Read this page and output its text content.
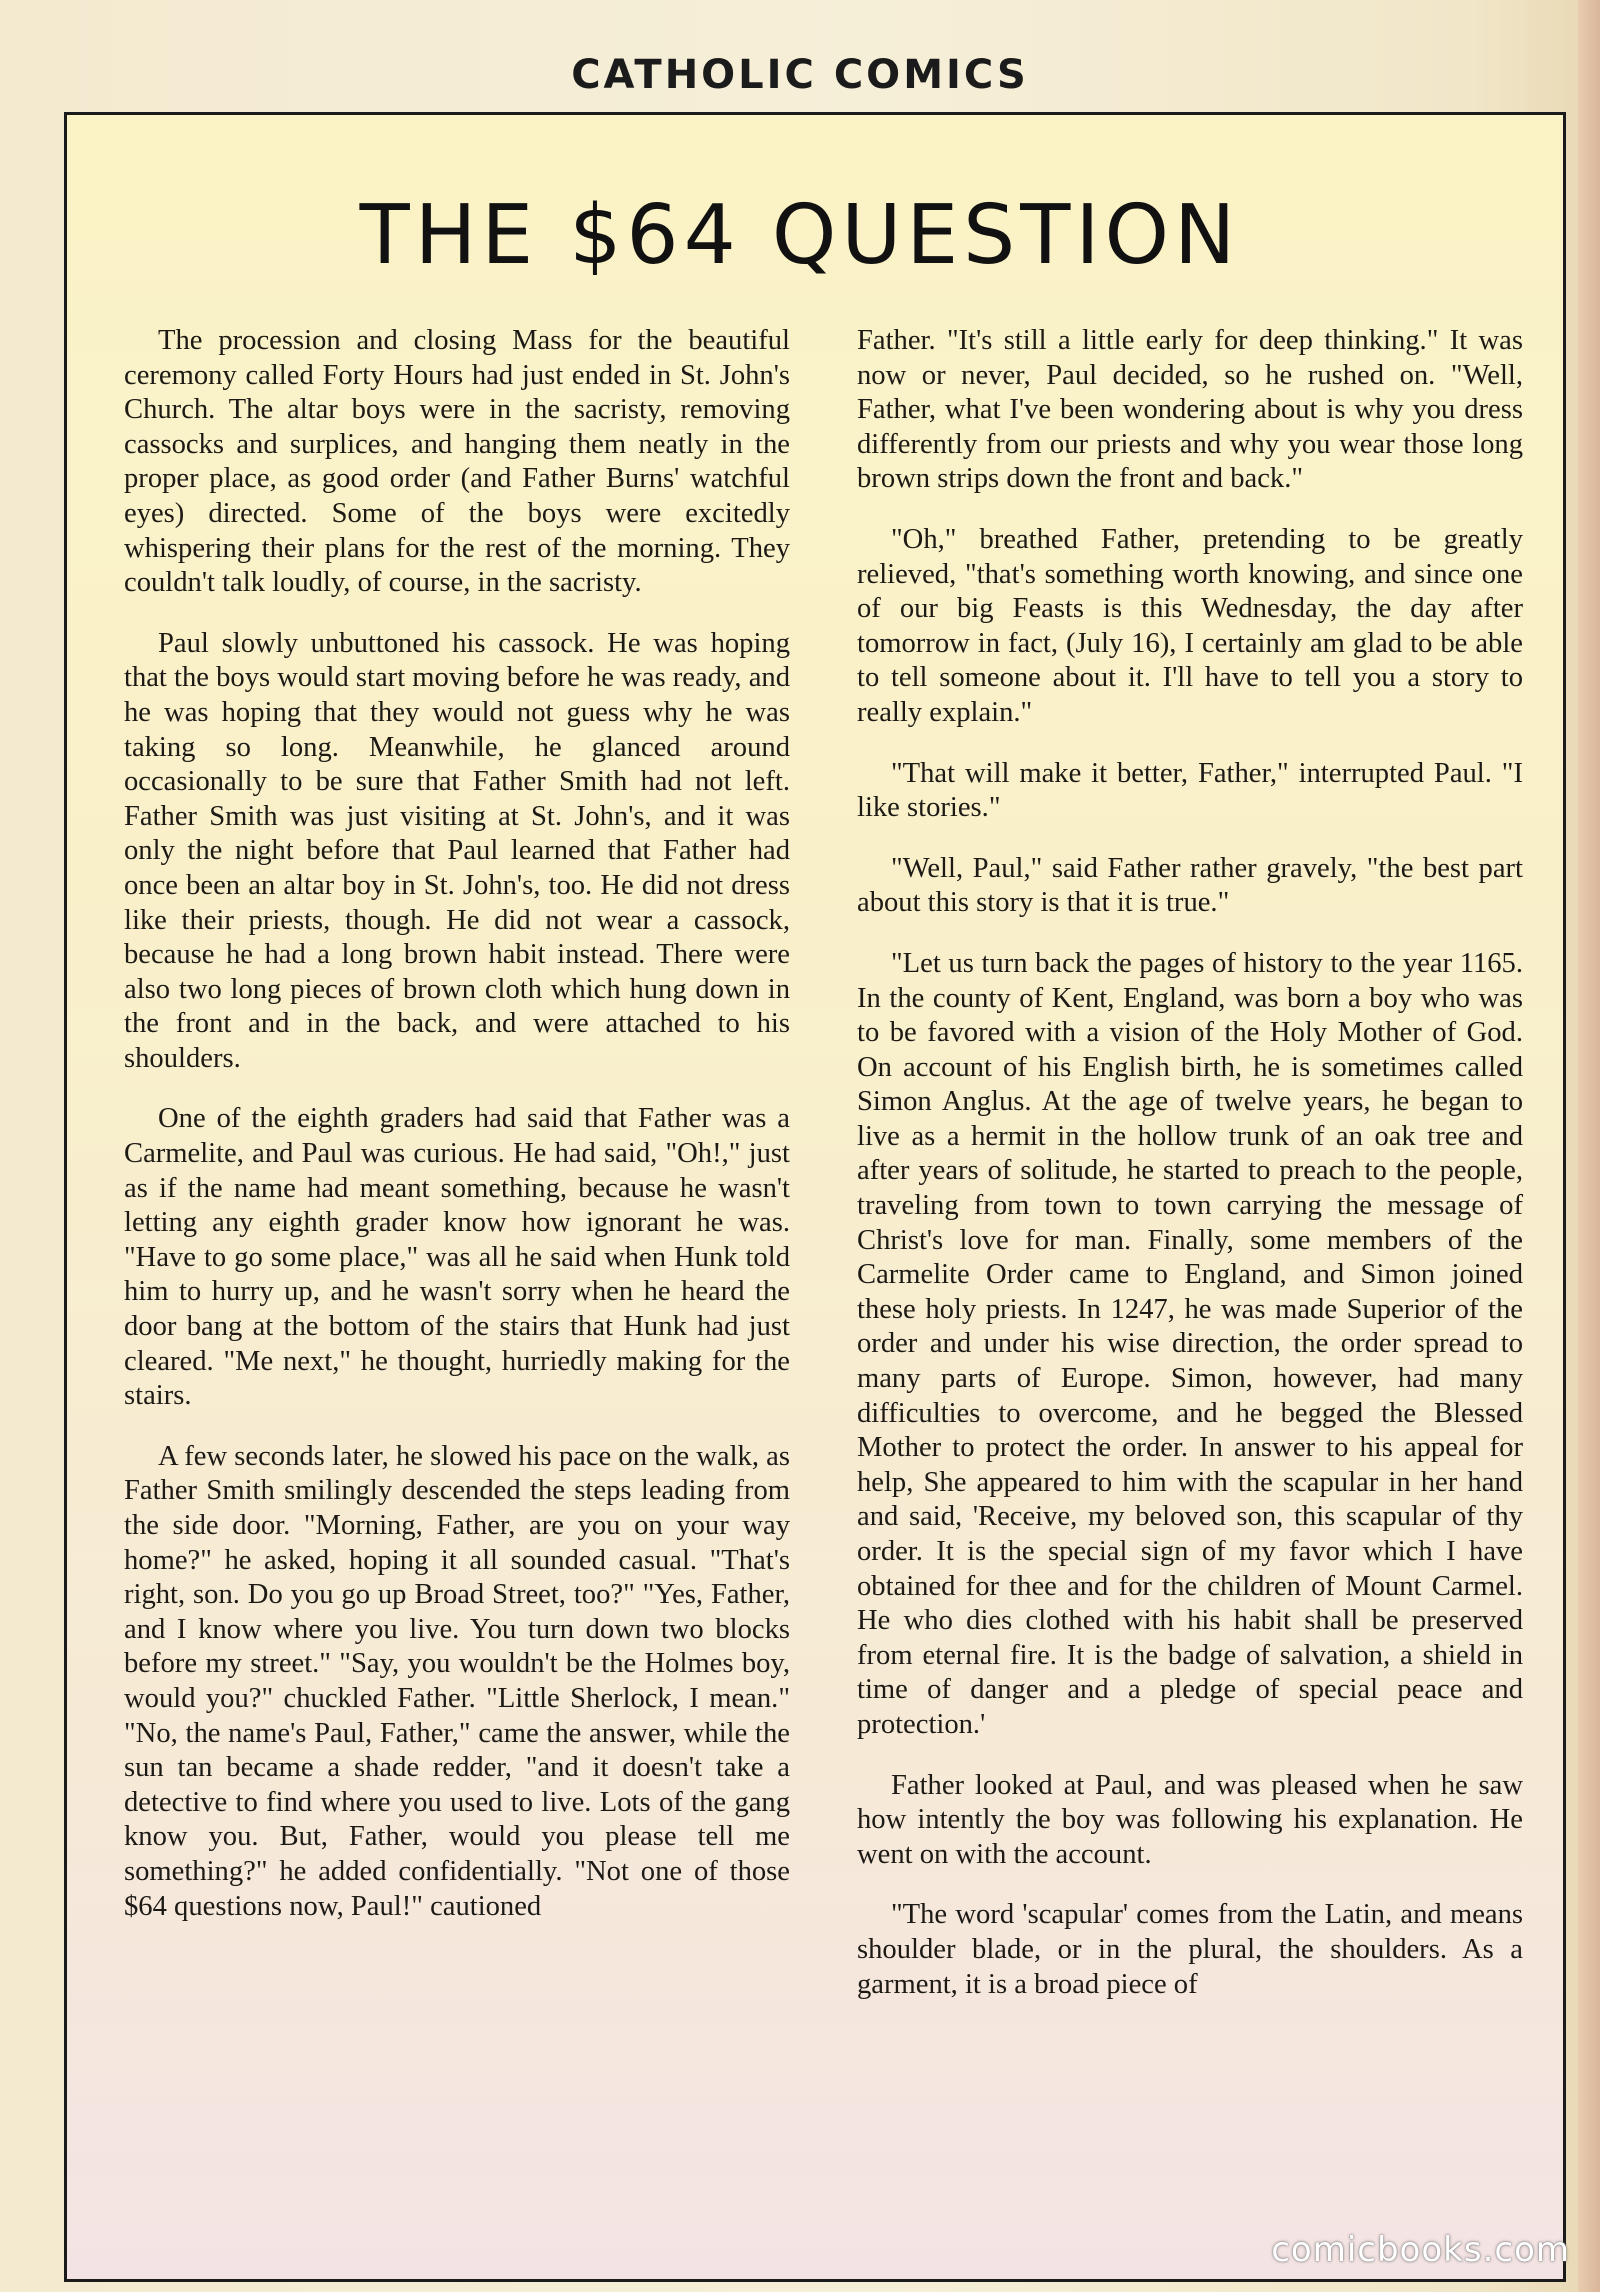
CATHOLIC COMICS
THE $64 QUESTION

The procession and closing Mass for the beautiful ceremony called Forty Hours had just ended in St. John's Church. The altar boys were in the sacristy, removing cassocks and surplices, and hanging them neatly in the proper place, as good order (and Father Burns' watchful eyes) directed. Some of the boys were excitedly whispering their plans for the rest of the morning. They couldn't talk loudly, of course, in the sacristy.

Paul slowly unbuttoned his cassock. He was hoping that the boys would start moving before he was ready, and he was hoping that they would not guess why he was taking so long. Meanwhile, he glanced around occasionally to be sure that Father Smith had not left. Father Smith was just visiting at St. John's, and it was only the night before that Paul learned that Father had once been an altar boy in St. John's, too. He did not dress like their priests, though. He did not wear a cassock, because he had a long brown habit instead. There were also two long pieces of brown cloth which hung down in the front and in the back, and were attached to his shoulders.

One of the eighth graders had said that Father was a Carmelite, and Paul was curious. He had said, "Oh!," just as if the name had meant something, because he wasn't letting any eighth grader know how ignorant he was. "Have to go some place," was all he said when Hunk told him to hurry up, and he wasn't sorry when he heard the door bang at the bottom of the stairs that Hunk had just cleared. "Me next," he thought, hurriedly making for the stairs.

A few seconds later, he slowed his pace on the walk, as Father Smith smilingly descended the steps leading from the side door. "Morning, Father, are you on your way home?" he asked, hoping it all sounded casual. "That's right, son. Do you go up Broad Street, too?" "Yes, Father, and I know where you live. You turn down two blocks before my street." "Say, you wouldn't be the Holmes boy, would you?" chuckled Father. "Little Sherlock, I mean." "No, the name's Paul, Father," came the answer, while the sun tan became a shade redder, "and it doesn't take a detective to find where you used to live. Lots of the gang know you. But, Father, would you please tell me something?" he added confidentially. "Not one of those $64 questions now, Paul!" cautioned

Father. "It's still a little early for deep thinking." It was now or never, Paul decided, so he rushed on. "Well, Father, what I've been wondering about is why you dress differently from our priests and why you wear those long brown strips down the front and back."

"Oh," breathed Father, pretending to be greatly relieved, "that's something worth knowing, and since one of our big Feasts is this Wednesday, the day after tomorrow in fact, (July 16), I certainly am glad to be able to tell someone about it. I'll have to tell you a story to really explain."

"That will make it better, Father," interrupted Paul. "I like stories."

"Well, Paul," said Father rather gravely, "the best part about this story is that it is true."

"Let us turn back the pages of history to the year 1165. In the county of Kent, England, was born a boy who was to be favored with a vision of the Holy Mother of God. On account of his English birth, he is sometimes called Simon Anglus. At the age of twelve years, he began to live as a hermit in the hollow trunk of an oak tree and after years of solitude, he started to preach to the people, traveling from town to town carrying the message of Christ's love for man. Finally, some members of the Carmelite Order came to England, and Simon joined these holy priests. In 1247, he was made Superior of the order and under his wise direction, the order spread to many parts of Europe. Simon, however, had many difficulties to overcome, and he begged the Blessed Mother to protect the order. In answer to his appeal for help, She appeared to him with the scapular in her hand and said, 'Receive, my beloved son, this scapular of thy order. It is the special sign of my favor which I have obtained for thee and for the children of Mount Carmel. He who dies clothed with his habit shall be preserved from eternal fire. It is the badge of salvation, a shield in time of danger and a pledge of special peace and protection.'

Father looked at Paul, and was pleased when he saw how intently the boy was following his explanation. He went on with the account.

"The word 'scapular' comes from the Latin, and means shoulder blade, or in the plural, the shoulders. As a garment, it is a broad piece of

comicbooks.com
